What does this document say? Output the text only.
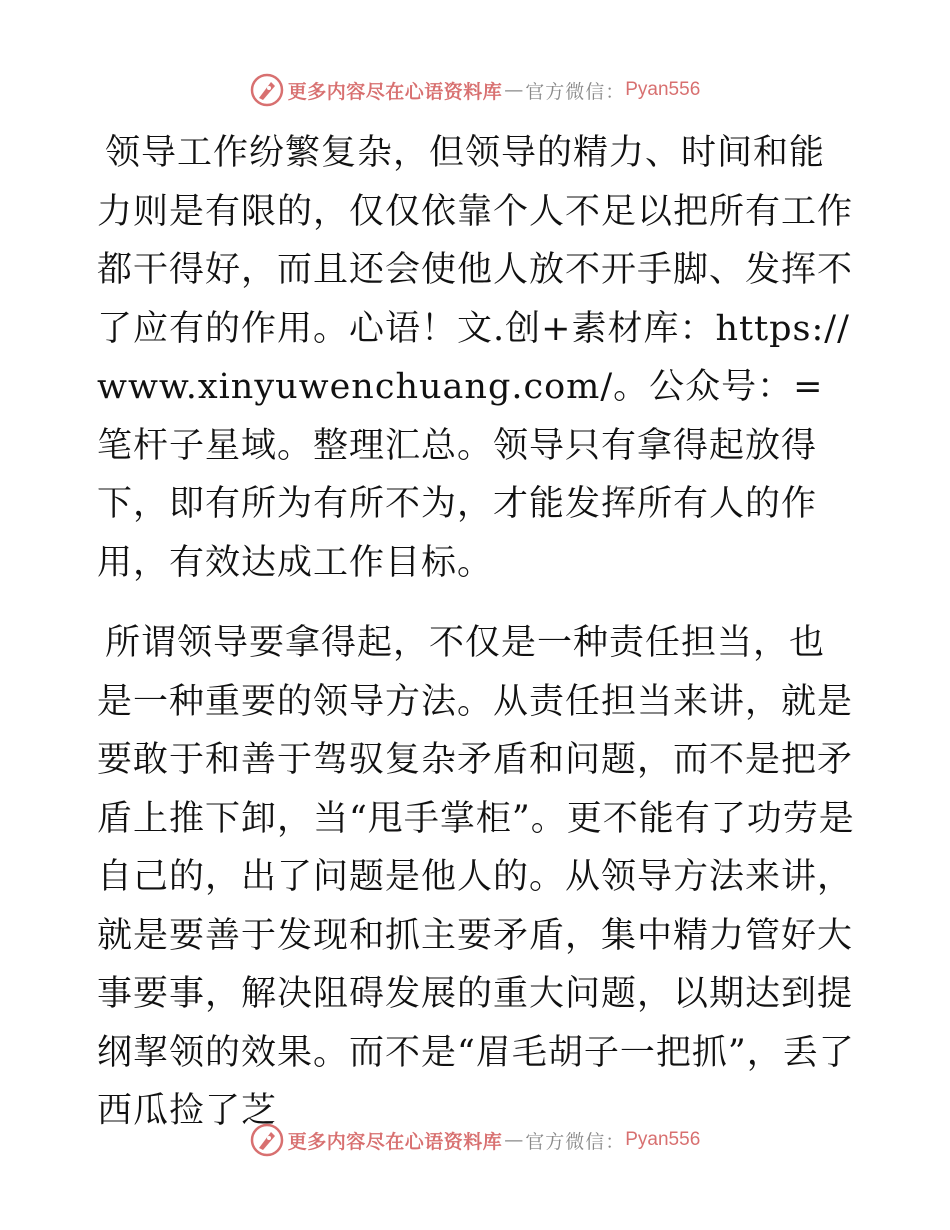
更多内容尽在心语资料库 — 官方微信： Pyan556

领导工作纷繁复杂，但领导的精力、时间和能力则是有限的，仅仅依靠个人不足以把所有工作都干得好，而且还会使他人放不开手脚、发挥不了应有的作用。心语！文.创+素材库：https://www.xinyuwenchuang.com/。公众号：=笔杆子星域。整理汇总。领导只有拿得起放得下，即有所为有所不为，才能发挥所有人的作用，有效达成工作目标。

所谓领导要拿得起，不仅是一种责任担当，也是一种重要的领导方法。从责任担当来讲，就是要敢于和善于驾驭复杂矛盾和问题，而不是把矛盾上推下卸，当“甩手掌柜”。更不能有了功劳是自己的，出了问题是他人的。从领导方法来讲，就是要善于发现和抓主要矛盾，集中精力管好大事要事，解决阻碍发展的重大问题，以期达到提纲挈领的效果。而不是“眉毛胡子一把抓”，丢了西瓜捡了芝

更多内容尽在心语资料库 — 官方微信： Pyan556
